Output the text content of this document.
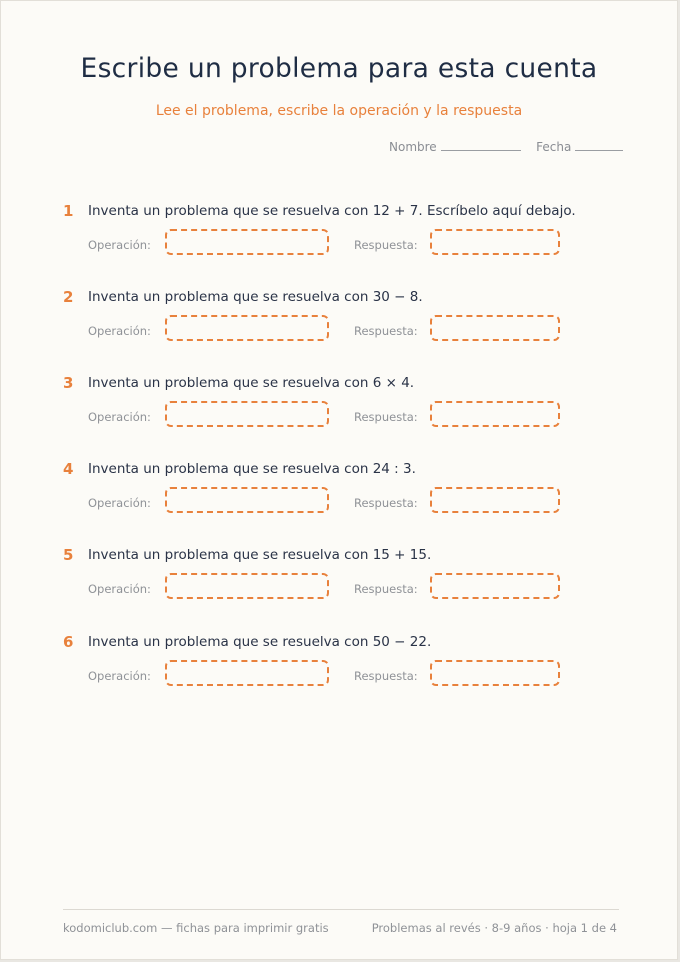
Escribe un problema para esta cuenta
Lee el problema, escribe la operación y la respuesta
Nombre	Fecha
1 Inventa un problema que se resuelva con 12 + 7. Escríbelo aquí debajo.
Operación:	Respuesta:
2 Inventa un problema que se resuelva con 30 − 8.
Operación:	Respuesta:
3 Inventa un problema que se resuelva con 6 × 4.
Operación:	Respuesta:
4 Inventa un problema que se resuelva con 24 : 3.
Operación:	Respuesta:
5 Inventa un problema que se resuelva con 15 + 15.
Operación:	Respuesta:
6 Inventa un problema que se resuelva con 50 − 22.
Operación:	Respuesta:
kodomiclub.com — fichas para imprimir gratis	Problemas al revés · 8-9 años · hoja 1 de 4
